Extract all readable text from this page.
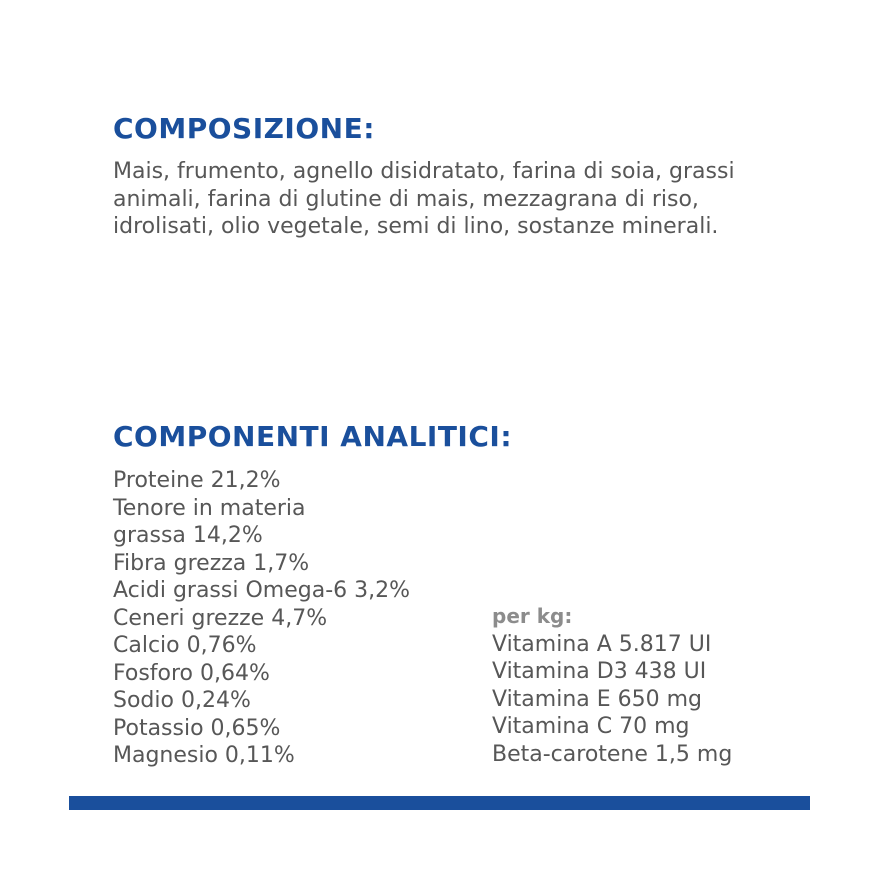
COMPOSIZIONE:
Mais, frumento, agnello disidratato, farina di soia, grassi animali, farina di glutine di mais, mezzagrana di riso, idrolisati, olio vegetale, semi di lino, sostanze minerali.
COMPONENTI ANALITICI:
Proteine 21,2%
Tenore in materia
grassa 14,2%
Fibra grezza 1,7%
Acidi grassi Omega-6 3,2%
Ceneri grezze 4,7%
Calcio 0,76%
Fosforo 0,64%
Sodio 0,24%
Potassio 0,65%
Magnesio 0,11%
per kg:
Vitamina A 5.817 UI
Vitamina D3 438 UI
Vitamina E 650 mg
Vitamina C 70 mg
Beta-carotene 1,5 mg
